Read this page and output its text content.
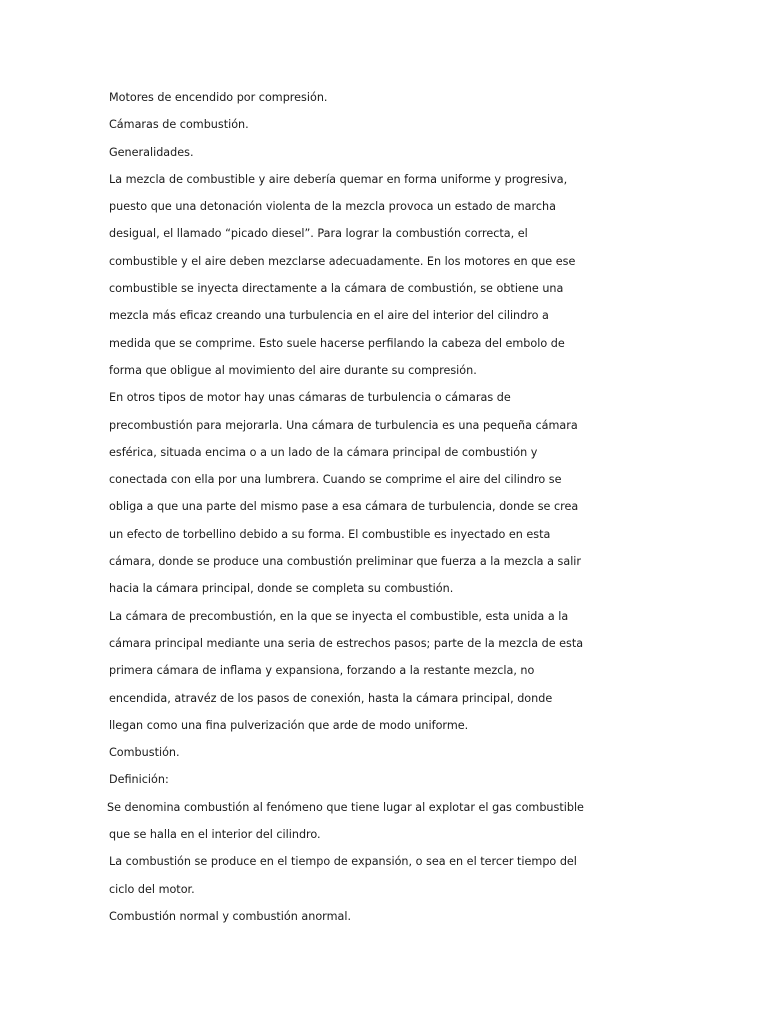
Motores de encendido por compresión.

Cámaras de combustión.

Generalidades.

La mezcla de combustible y aire debería quemar en forma uniforme y progresiva,
puesto que una detonación violenta de la mezcla provoca un estado de marcha
desigual, el llamado “picado diesel”. Para lograr la combustión correcta, el
combustible y el aire deben mezclarse adecuadamente. En los motores en que ese
combustible se inyecta directamente a la cámara de combustión, se obtiene una
mezcla más eficaz creando una turbulencia en el aire del interior del cilindro a
medida que se comprime. Esto suele hacerse perfilando la cabeza del embolo de
forma que obligue al movimiento del aire durante su compresión.

En otros tipos de motor hay unas cámaras de turbulencia o cámaras de
precombustión para mejorarla. Una cámara de turbulencia es una pequeña cámara
esférica, situada encima o a un lado de la cámara principal de combustión y
conectada con ella por una lumbrera. Cuando se comprime el aire del cilindro se
obliga a que una parte del mismo pase a esa cámara de turbulencia, donde se crea
un efecto de torbellino debido a su forma. El combustible es inyectado en esta
cámara, donde se produce una combustión preliminar que fuerza a la mezcla a salir
hacia la cámara principal, donde se completa su combustión.

La cámara de precombustión, en la que se inyecta el combustible, esta unida a la
cámara principal mediante una seria de estrechos pasos; parte de la mezcla de esta
primera cámara de inflama y expansiona, forzando a la restante mezcla, no
encendida, atravéz de los pasos de conexión, hasta la cámara principal, donde
llegan como una fina pulverización que arde de modo uniforme.

Combustión.

Definición:

Se denomina combustión al fenómeno que tiene lugar al explotar el gas combustible
que se halla en el interior del cilindro.

La combustión se produce en el tiempo de expansión, o sea en el tercer tiempo del
ciclo del motor.

Combustión normal y combustión anormal.
